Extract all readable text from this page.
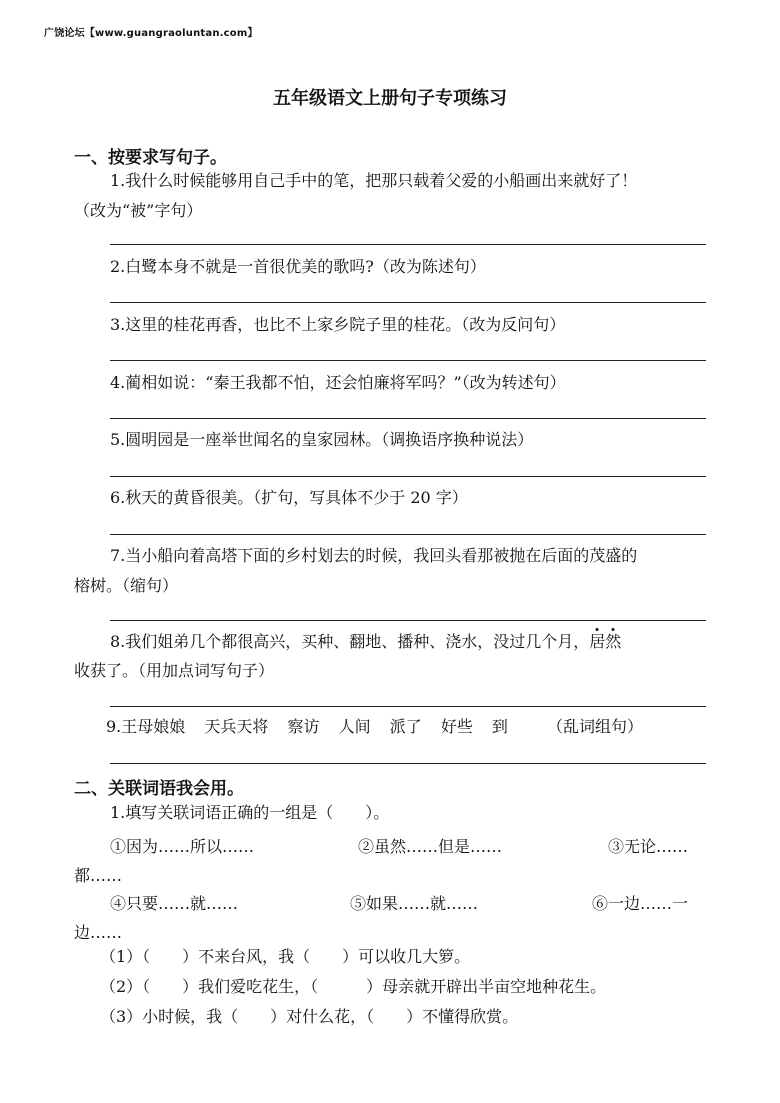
广饶论坛【www.guangraoluntan.com】
五年级语文上册句子专项练习
一、按要求写句子。
1.我什么时候能够用自己手中的笔，把那只载着父爱的小船画出来就好了！
（改为“被”字句）
2.白鹭本身不就是一首很优美的歌吗?（改为陈述句）
3.这里的桂花再香，也比不上家乡院子里的桂花。（改为反问句）
4.蔺相如说：“秦王我都不怕，还会怕廉将军吗？”（改为转述句）
5.圆明园是一座举世闻名的皇家园林。（调换语序换种说法）
6.秋天的黄昏很美。（扩句，写具体不少于 20 字）
7.当小船向着高塔下面的乡村划去的时候，我回头看那被抛在后面的茂盛的
榕树。（缩句）
8.我们姐弟几个都很高兴，买种、翻地、播种、浇水，没过几个月，居然
收获了。（用加点词写句子）
9.王母娘娘 天兵天将 察访 人间 派了 好些 到 （乱词组句）
二、关联词语我会用。
1.填写关联词语正确的一组是（　　）。
①因为……所以……	②虽然……但是……	③无论……
都……
④只要……就……	⑤如果……就……	⑥一边……一
边……
（1）（　　）不来台风，我（　　）可以收几大箩。
（2）（　　）我们爱吃花生，（　　　）母亲就开辟出半亩空地种花生。
（3）小时候，我（　　）对什么花，（　　）不懂得欣赏。
